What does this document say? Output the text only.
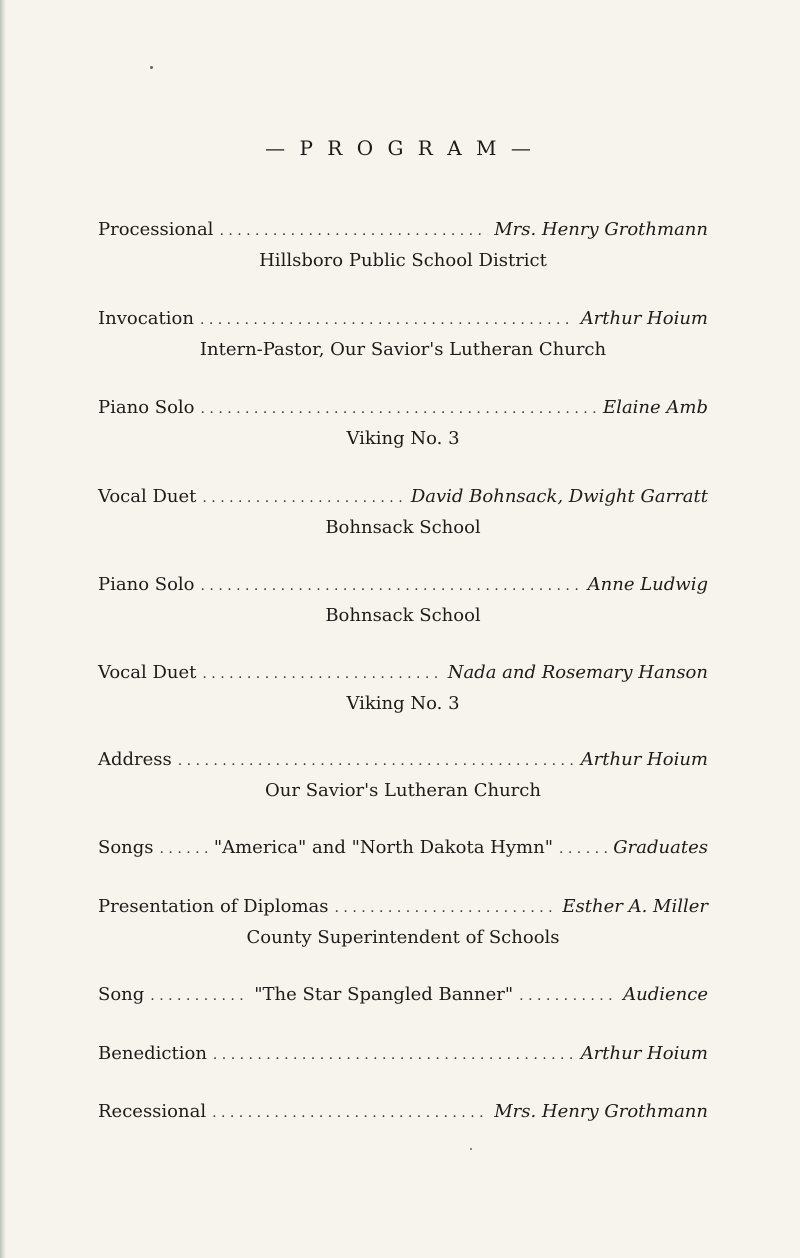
— P R O G R A M —
Processional . . .	Mrs. Henry Grothmann
Hillsboro Public School District
Invocation . . .	Arthur Hoium
Intern-Pastor, Our Savior's Lutheran Church
Piano Solo . . .	Elaine Amb
Viking No. 3
Vocal Duet . . .	David Bohnsack, Dwight Garratt
Bohnsack School
Piano Solo . . .	Anne Ludwig
Bohnsack School
Vocal Duet . . .	Nada and Rosemary Hanson
Viking No. 3
Address . . .	Arthur Hoium
Our Savior's Lutheran Church
Songs . . .	"America" and "North Dakota Hymn" . . .	Graduates
Presentation of Diplomas . . .	Esther A. Miller
County Superintendent of Schools
Song . . .	"The Star Spangled Banner" . . .	Audience
Benediction . . .	Arthur Hoium
Recessional . . .	Mrs. Henry Grothmann
